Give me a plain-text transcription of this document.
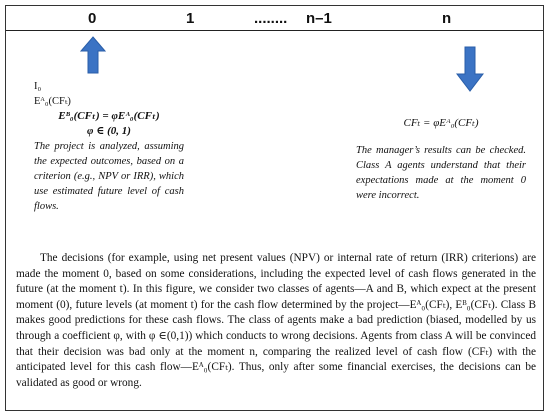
0	1	........ n–1	n
I₀
Eᴬ₀(CFₜ)
Eᴮ₀(CFₜ) = φEᴬ₀(CFₜ)
φ ∈ (0, 1)
The project is analyzed, assuming the expected outcomes, based on a criterion (e.g., NPV or IRR), which use estimated future level of cash flows.
CFₜ = φEᴬ₀(CFₜ)
The manager’s results can be checked. Class A agents understand that their expectations made at the moment 0 were incorrect.
The decisions (for example, using net present values (NPV) or internal rate of return (IRR) criterions) are made the moment 0, based on some considerations, including the expected level of cash flows generated in the future (at the moment t). In this figure, we consider two classes of agents—A and B, which expect at the present moment (0), future levels (at moment t) for the cash flow determined by the project—Eᴬ₀(CFₜ), Eᴮ₀(CFₜ). Class B makes good predictions for these cash flows. The class of agents make a bad prediction (biased, modelled by us through a coefficient φ, with φ ∈(0,1)) which conducts to wrong decisions. Agents from class A will be convinced that their decision was bad only at the moment n, comparing the realized level of cash flow (CFₜ) with the anticipated level for this cash flow—Eᴬ₀(CFₜ). Thus, only after some financial exercises, the decisions can be validated as good or wrong.
